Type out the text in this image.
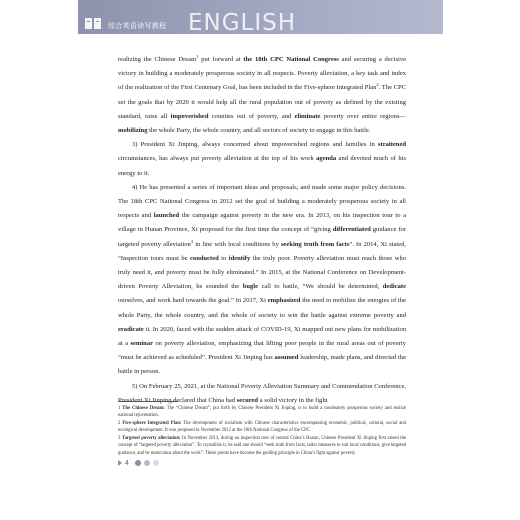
综合英语读写教程 ENGLISH

realizing the Chinese Dream$^1$ put forward at the 18th CPC National Congress and securing a decisive victory in building a moderately prosperous society in all respects. Poverty alleviation, a key task and index of the realization of the First Centenary Goal, has been included in the Five-sphere Integrated Plan$^2$. The CPC set the goals that by 2020 it would help all the rural population out of poverty as defined by the existing standard, raise all impoverished counties out of poverty, and eliminate poverty over entire regions—mobilizing the whole Party, the whole country, and all sectors of society to engage in this battle.

3) President Xi Jinping, always concerned about impoverished regions and families in straitened circumstances, has always put poverty alleviation at the top of his work agenda and devoted much of his energy to it.

4) He has presented a series of important ideas and proposals, and made some major policy decisions. The 18th CPC National Congress in 2012 set the goal of building a moderately prosperous society in all respects and launched the campaign against poverty in the new era. In 2013, on his inspection tour to a village in Hunan Province, Xi proposed for the first time the concept of “giving differentiated guidance for targeted poverty alleviation$^3$ in line with local conditions by seeking truth from facts”. In 2014, Xi stated, “Inspection tours must be conducted to identify the truly poor. Poverty alleviation must reach those who truly need it, and poverty must be fully eliminated.” In 2015, at the National Conference on Development-driven Poverty Alleviation, he sounded the bugle call to battle, “We should be determined, dedicate ourselves, and work hard towards the goal.” In 2017, Xi emphasized the need to mobilize the energies of the whole Party, the whole country, and the whole of society to win the battle against extreme poverty and eradicate it. In 2020, faced with the sudden attack of COVID-19, Xi mapped out new plans for mobilization at a seminar on poverty alleviation, emphasizing that lifting poor people in the rural areas out of poverty “must be achieved as scheduled”. President Xi Jinping has assumed leadership, made plans, and directed the battle in person.

5) On February 25, 2021, at the National Poverty Alleviation Summary and Commendation Conference, President Xi Jinping declared that China had secured a solid victory in the fight

1 The Chinese Dream: The “Chinese Dream”, put forth by Chinese President Xi Jinping, is to build a moderately prosperous society and realize national rejuvenation.

2 Five-sphere Integrated Plan: The development of socialism with Chinese characteristics encompassing economic, political, cultural, social and ecological development. It was proposed in November 2012 at the 18th National Congress of the CPC.

3 Targeted poverty alleviation: In November 2013, during an inspection tour of central China’s Hunan, Chinese President Xi Jinping first raised the concept of “targeted poverty alleviation”. To crystallize it, he said one should “seek truth from facts, tailor measures to suit local conditions, give targeted guidance, and be meticulous about the work”. These points have become the guiding principle in China’s fight against poverty.

4
